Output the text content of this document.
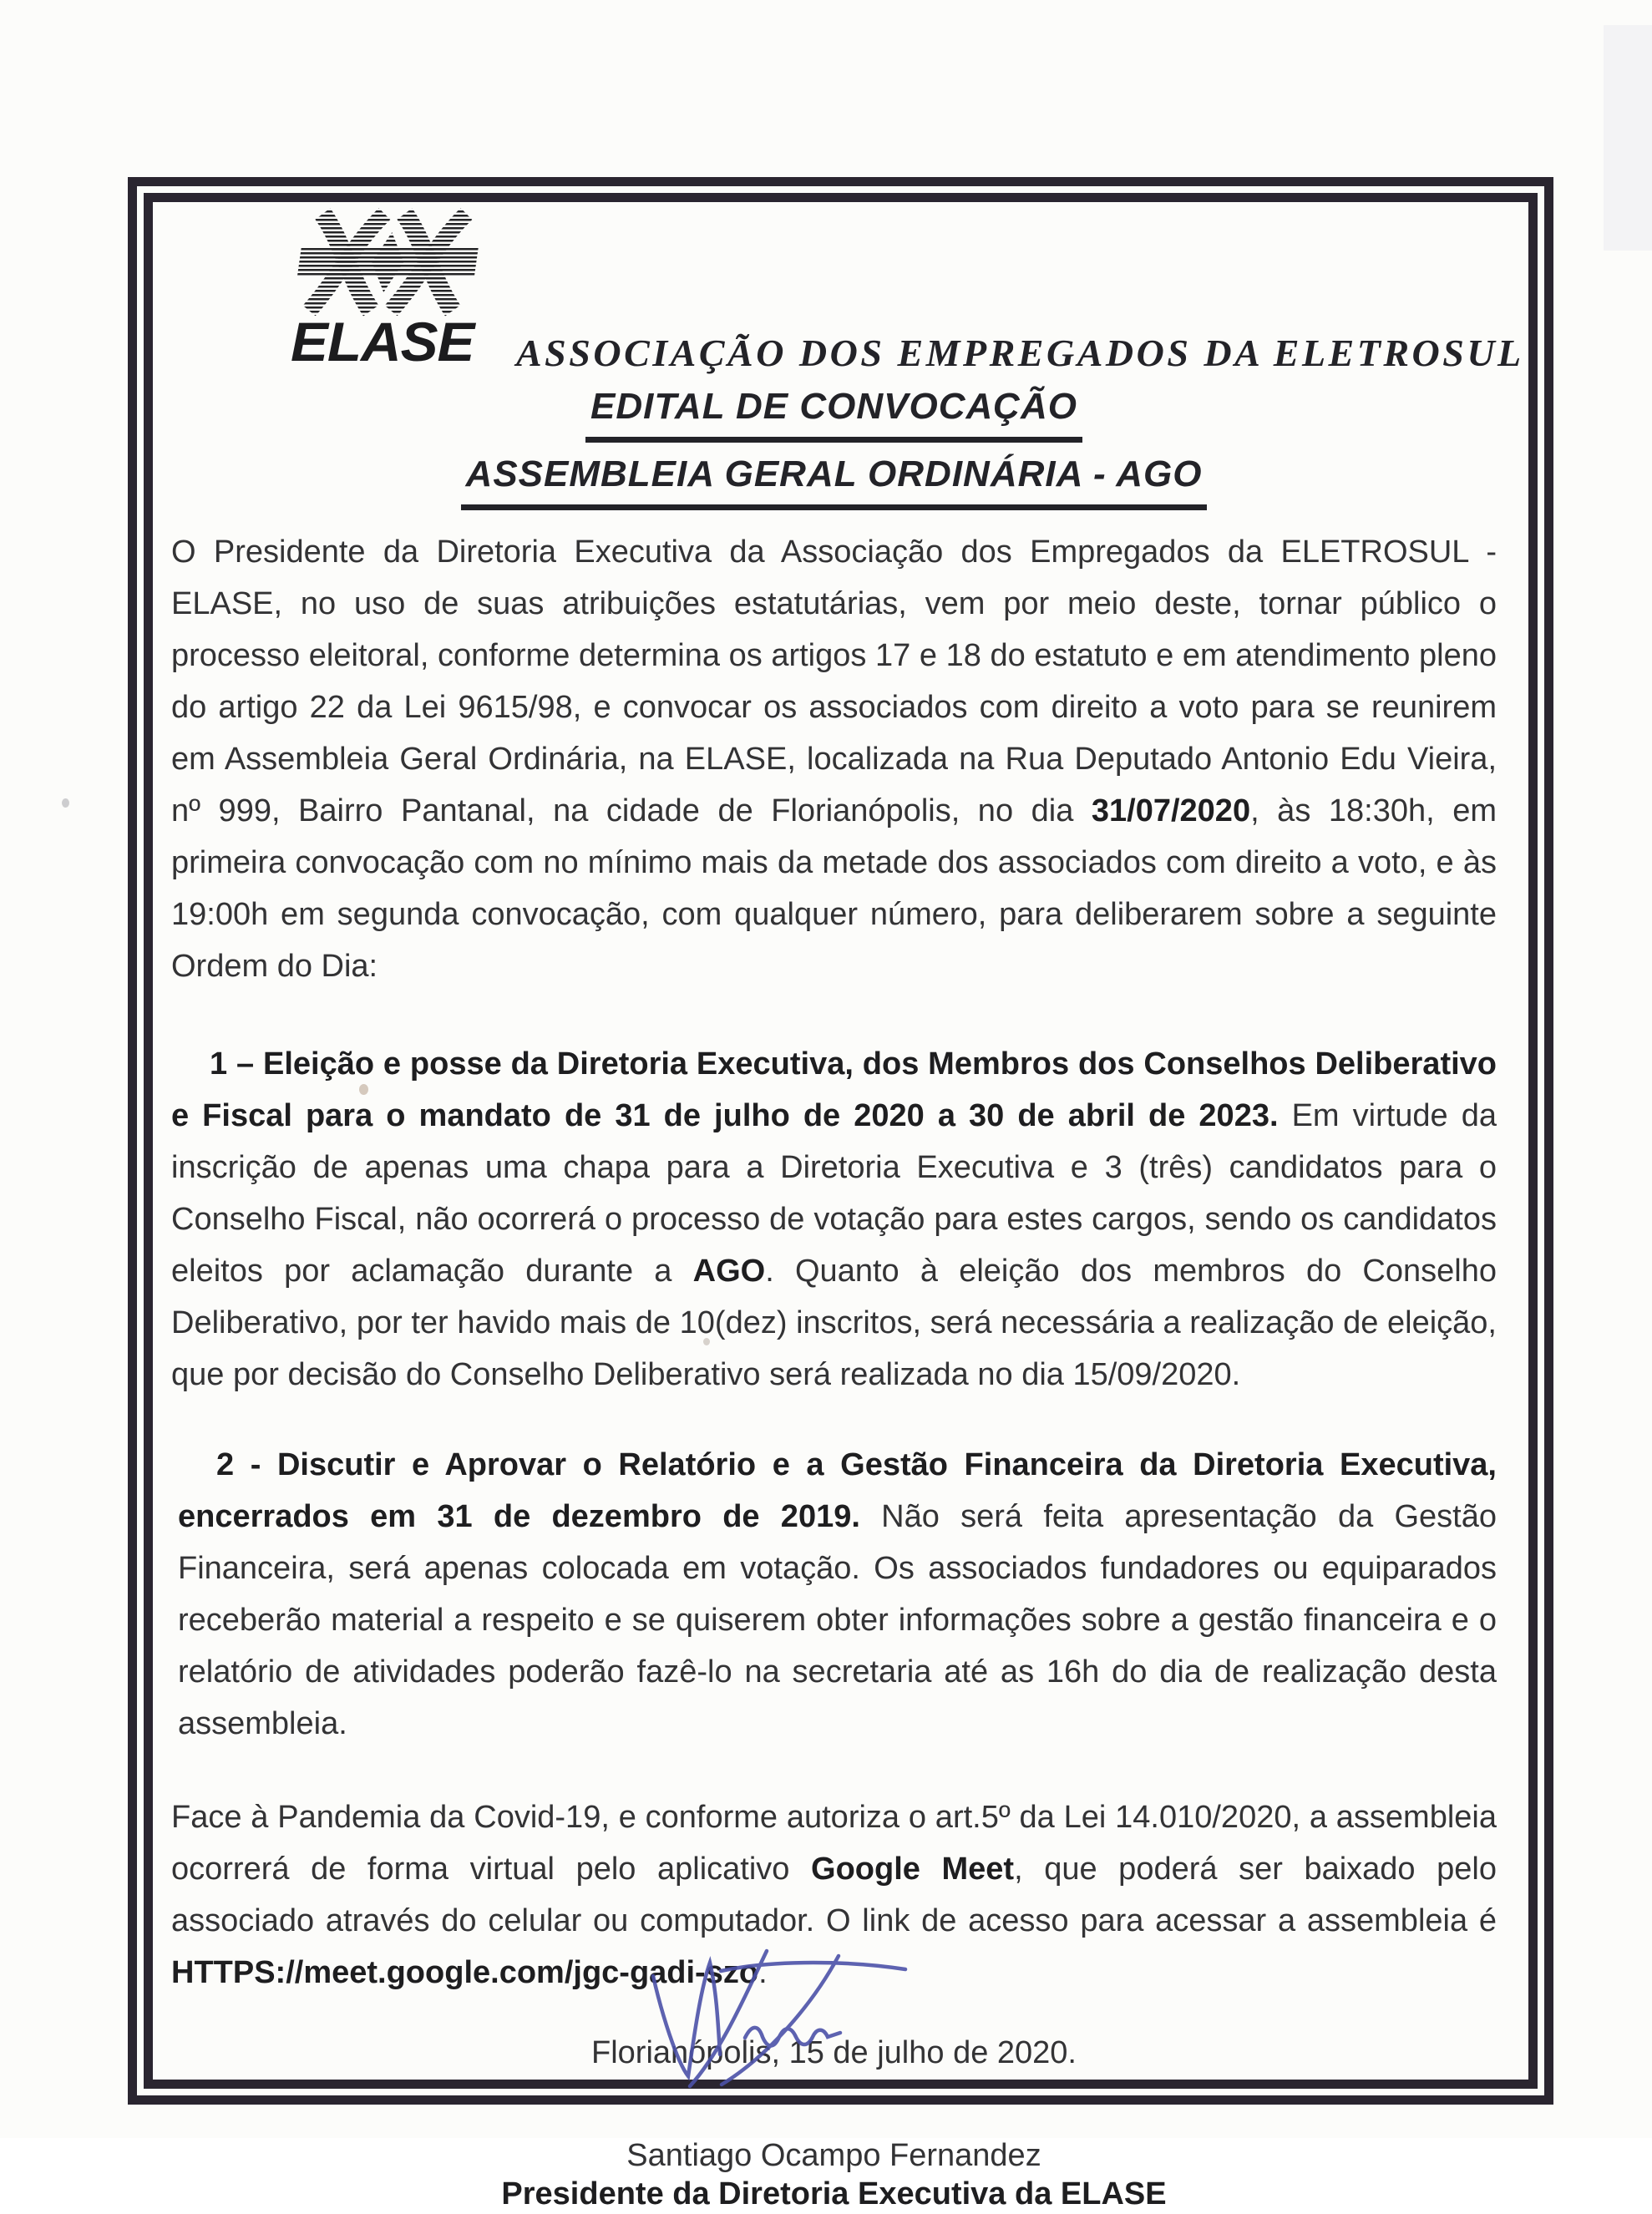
ELASE	ASSOCIAÇÃO DOS EMPREGADOS DA ELETROSUL
EDITAL DE CONVOCAÇÃO
ASSEMBLEIA GERAL ORDINÁRIA - AGO

O Presidente da Diretoria Executiva da Associação dos Empregados da ELETROSUL - ELASE, no uso de suas atribuições estatutárias, vem por meio deste, tornar público o processo eleitoral, conforme determina os artigos 17 e 18 do estatuto e em atendimento pleno do artigo 22 da Lei 9615/98, e convocar os associados com direito a voto para se reunirem em Assembleia Geral Ordinária, na ELASE, localizada na Rua Deputado Antonio Edu Vieira, nº 999, Bairro Pantanal, na cidade de Florianópolis, no dia 31/07/2020, às 18:30h, em primeira convocação com no mínimo mais da metade dos associados com direito a voto, e às 19:00h em segunda convocação, com qualquer número, para deliberarem sobre a seguinte Ordem do Dia:

1 – Eleição e posse da Diretoria Executiva, dos Membros dos Conselhos Deliberativo e Fiscal para o mandato de 31 de julho de 2020 a 30 de abril de 2023. Em virtude da inscrição de apenas uma chapa para a Diretoria Executiva e 3 (três) candidatos para o Conselho Fiscal, não ocorrerá o processo de votação para estes cargos, sendo os candidatos eleitos por aclamação durante a AGO. Quanto à eleição dos membros do Conselho Deliberativo, por ter havido mais de 10(dez) inscritos, será necessária a realização de eleição, que por decisão do Conselho Deliberativo será realizada no dia 15/09/2020.

2 - Discutir e Aprovar o Relatório e a Gestão Financeira da Diretoria Executiva, encerrados em 31 de dezembro de 2019. Não será feita apresentação da Gestão Financeira, será apenas colocada em votação. Os associados fundadores ou equiparados receberão material a respeito e se quiserem obter informações sobre a gestão financeira e o relatório de atividades poderão fazê-lo na secretaria até as 16h do dia de realização desta assembleia.

Face à Pandemia da Covid-19, e conforme autoriza o art.5º da Lei 14.010/2020, a assembleia ocorrerá de forma virtual pelo aplicativo Google Meet, que poderá ser baixado pelo associado através do celular ou computador. O link de acesso para acessar a assembleia é HTTPS://meet.google.com/jgc-gadi-szo.

Florianópolis, 15 de julho de 2020.

Santiago Ocampo Fernandez

Presidente da Diretoria Executiva da ELASE
